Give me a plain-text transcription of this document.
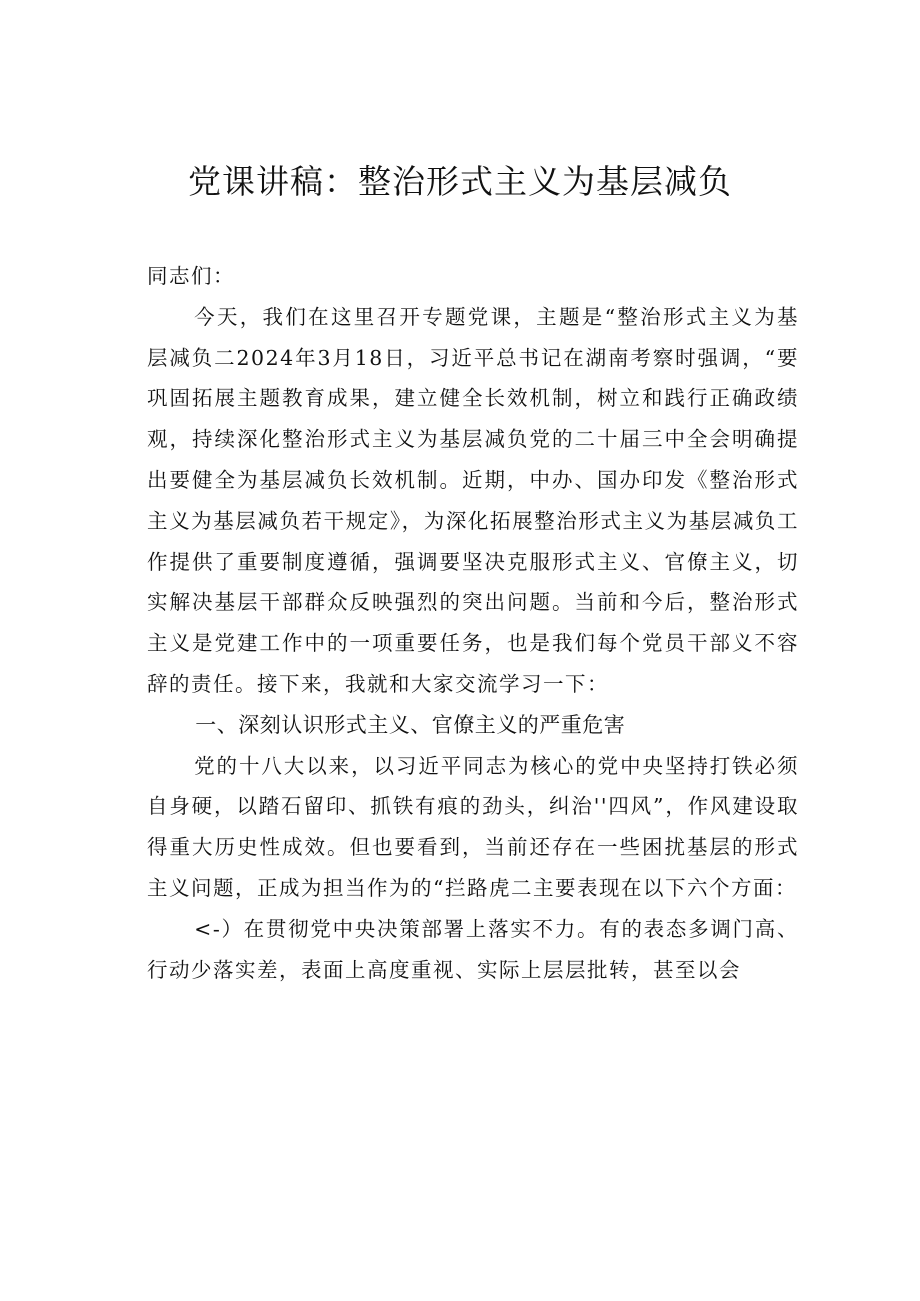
党课讲稿：整治形式主义为基层减负

同志们：

今天，我们在这里召开专题党课，主题是“整治形式主义为基层减负二2024年3月18日，习近平总书记在湖南考察时强调，“要巩固拓展主题教育成果，建立健全长效机制，树立和践行正确政绩观，持续深化整治形式主义为基层减负党的二十届三中全会明确提出要健全为基层减负长效机制。近期，中办、国办印发《整治形式主义为基层减负若干规定》，为深化拓展整治形式主义为基层减负工作提供了重要制度遵循，强调要坚决克服形式主义、官僚主义，切实解决基层干部群众反映强烈的突出问题。当前和今后，整治形式主义是党建工作中的一项重要任务，也是我们每个党员干部义不容辞的责任。接下来，我就和大家交流学习一下：

一、深刻认识形式主义、官僚主义的严重危害

党的十八大以来，以习近平同志为核心的党中央坚持打铁必须自身硬，以踏石留印、抓铁有痕的劲头，纠治''四风”，作风建设取得重大历史性成效。但也要看到，当前还存在一些困扰基层的形式主义问题，正成为担当作为的“拦路虎二主要表现在以下六个方面：

<-）在贯彻党中央决策部署上落实不力。有的表态多调门高、行动少落实差，表面上高度重视、实际上层层批转，甚至以会
